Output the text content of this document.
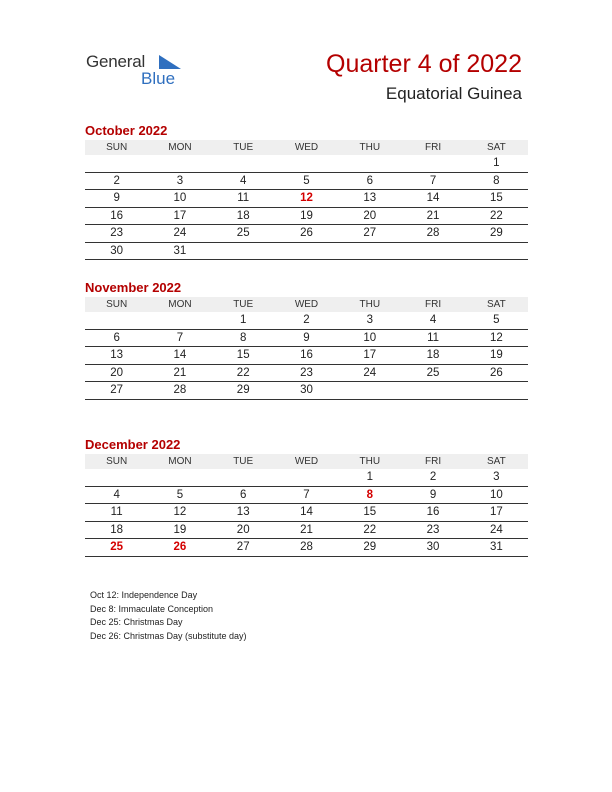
General
Blue
Quarter 4 of 2022
Equatorial Guinea
October 2022
SUN	MON	TUE	WED	THU	FRI	SAT
						1
2	3	4	5	6	7	8
9	10	11	12	13	14	15
16	17	18	19	20	21	22
23	24	25	26	27	28	29
30	31					
November 2022
SUN	MON	TUE	WED	THU	FRI	SAT
		1	2	3	4	5
6	7	8	9	10	11	12
13	14	15	16	17	18	19
20	21	22	23	24	25	26
27	28	29	30			
December 2022
SUN	MON	TUE	WED	THU	FRI	SAT
				1	2	3
4	5	6	7	8	9	10
11	12	13	14	15	16	17
18	19	20	21	22	23	24
25	26	27	28	29	30	31
Oct 12: Independence Day
Dec 8: Immaculate Conception
Dec 25: Christmas Day
Dec 26: Christmas Day (substitute day)
